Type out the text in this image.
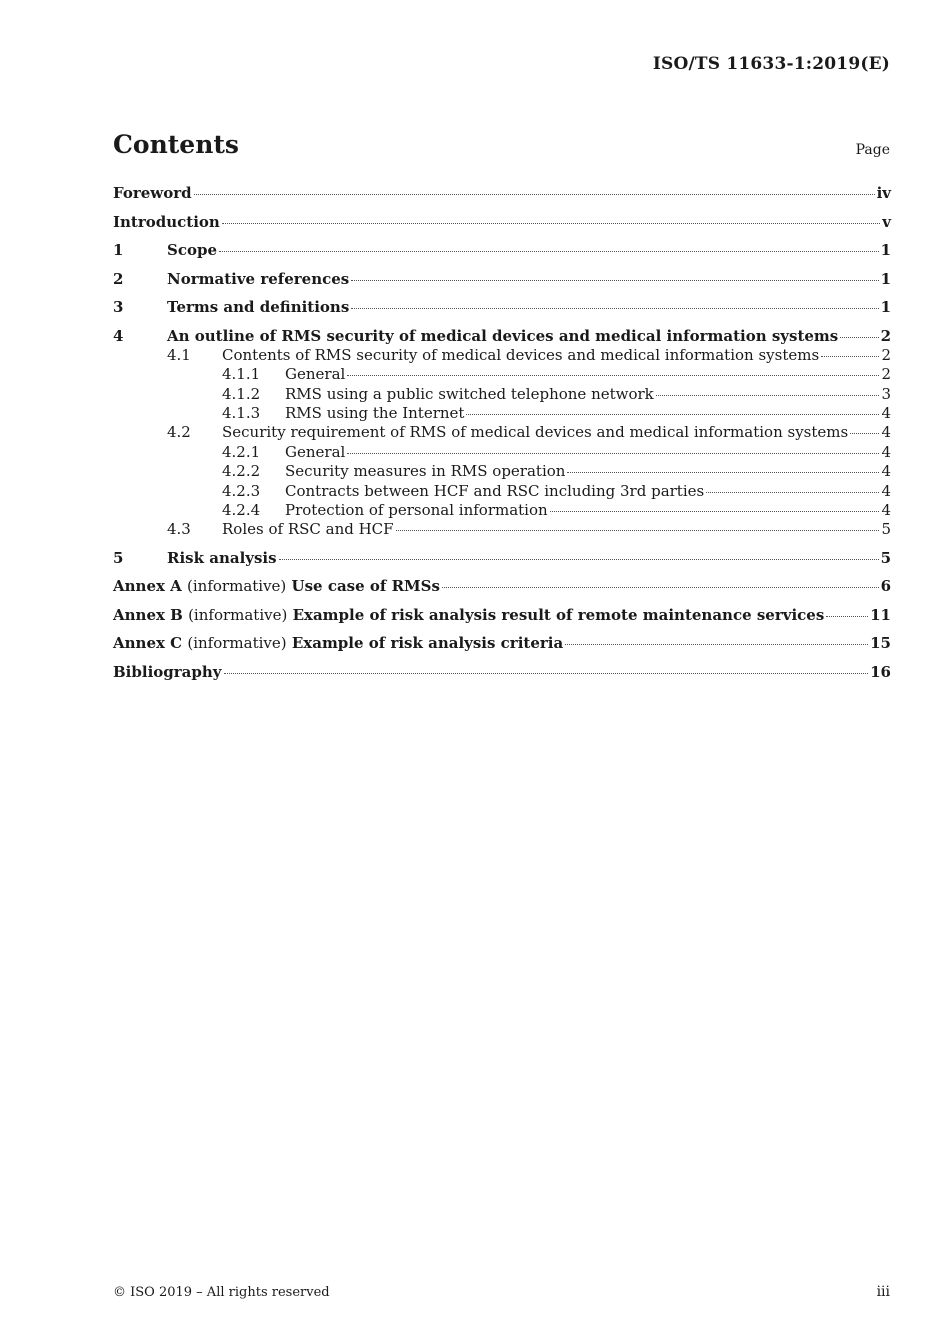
ISO/TS 11633-1:2019(E)
Contents	Page
Foreword	iv
Introduction	v
1	Scope	1
2	Normative references	1
3	Terms and definitions	1
4	An outline of RMS security of medical devices and medical information systems	2
4.1	Contents of RMS security of medical devices and medical information systems	2
4.1.1	General	2
4.1.2	RMS using a public switched telephone network	3
4.1.3	RMS using the Internet	4
4.2	Security requirement of RMS of medical devices and medical information systems 4
4.2.1	General	4
4.2.2	Security measures in RMS operation	4
4.2.3	Contracts between HCF and RSC including 3rd parties	4
4.2.4	Protection of personal information	4
4.3	Roles of RSC and HCF	5
5	Risk analysis	5
Annex A (informative) Use case of RMSs	6
Annex B (informative) Example of risk analysis result of remote maintenance services	11
Annex C (informative) Example of risk analysis criteria	15
Bibliography	16
© ISO 2019 – All rights reserved	iii
